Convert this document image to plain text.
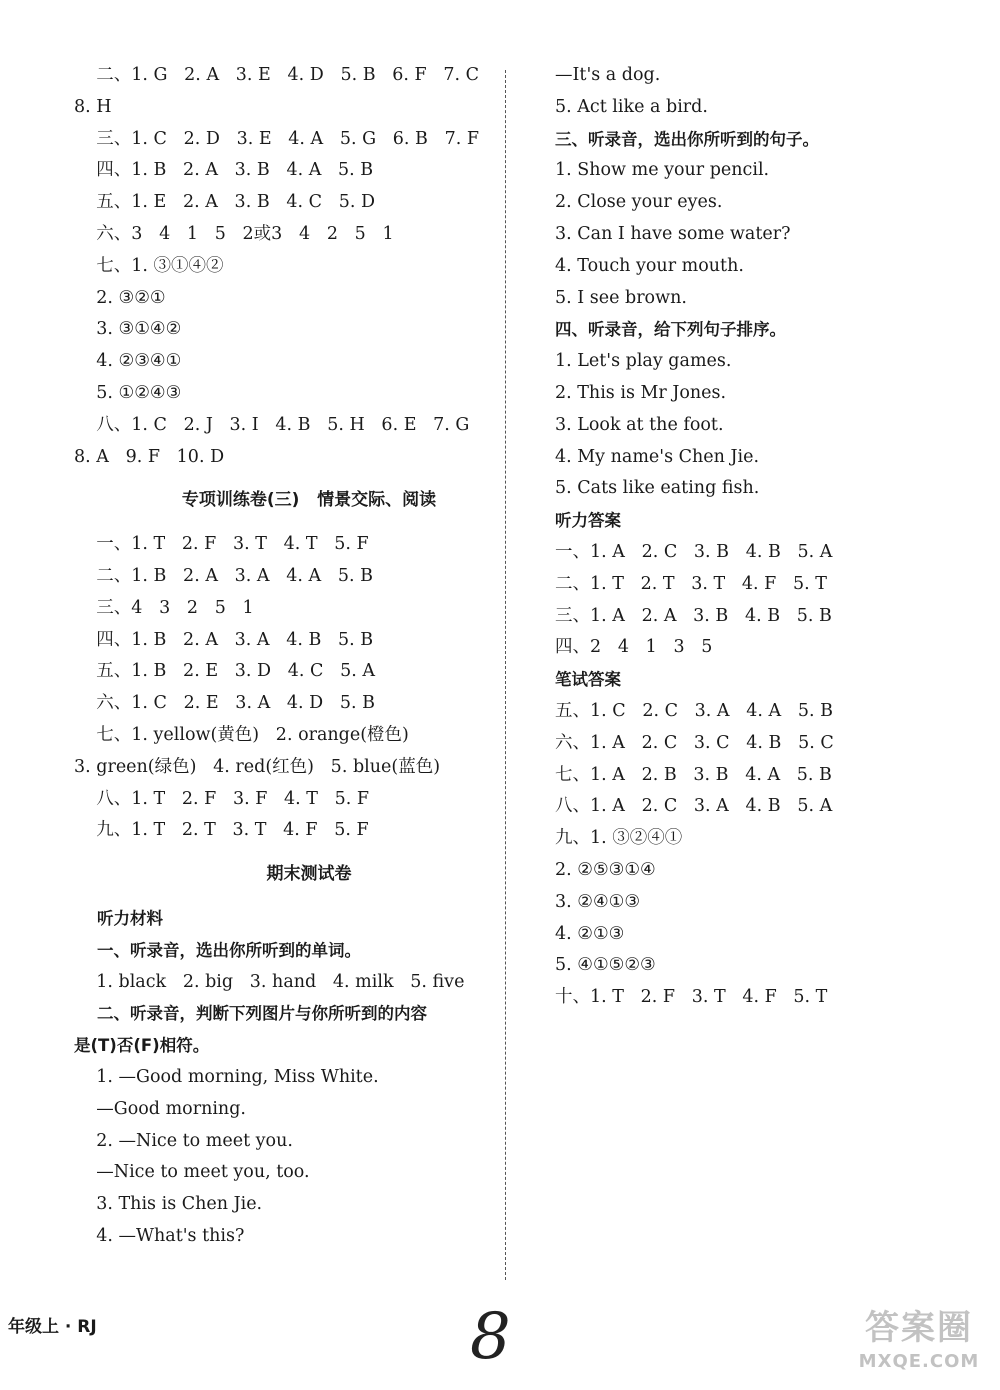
二、1. G   2. A   3. E   4. D   5. B   6. F   7. C
8. H
三、1. C   2. D   3. E   4. A   5. G   6. B   7. F
四、1. B   2. A   3. B   4. A   5. B
五、1. E   2. A   3. B   4. C   5. D
六、3   4   1   5   2或3   4   2   5   1
七、1. ③①④②
2. ③②①
3. ③①④②
4. ②③④①
5. ①②④③
八、1. C   2. J   3. I   4. B   5. H   6. E   7. G
8. A   9. F   10. D
专项训练卷(三)   情景交际、阅读
一、1. T   2. F   3. T   4. T   5. F
二、1. B   2. A   3. A   4. A   5. B
三、4   3   2   5   1
四、1. B   2. A   3. A   4. B   5. B
五、1. B   2. E   3. D   4. C   5. A
六、1. C   2. E   3. A   4. D   5. B
七、1. yellow(黄色)   2. orange(橙色)
3. green(绿色)   4. red(红色)   5. blue(蓝色)
八、1. T   2. F   3. F   4. T   5. F
九、1. T   2. T   3. T   4. F   5. F
期末测试卷
听力材料
一、听录音，选出你所听到的单词。
1. black   2. big   3. hand   4. milk   5. five
二、听录音，判断下列图片与你所听到的内容
是(T)否(F)相符。
1. —Good morning, Miss White.
—Good morning.
2. —Nice to meet you.
—Nice to meet you, too.
3. This is Chen Jie.
4. —What's this?
—It's a dog.
5. Act like a bird.
三、听录音，选出你所听到的句子。
1. Show me your pencil.
2. Close your eyes.
3. Can I have some water?
4. Touch your mouth.
5. I see brown.
四、听录音，给下列句子排序。
1. Let's play games.
2. This is Mr Jones.
3. Look at the foot.
4. My name's Chen Jie.
5. Cats like eating fish.
听力答案
一、1. A   2. C   3. B   4. B   5. A
二、1. T   2. T   3. T   4. F   5. T
三、1. A   2. A   3. B   4. B   5. B
四、2   4   1   3   5
笔试答案
五、1. C   2. C   3. A   4. A   5. B
六、1. A   2. C   3. C   4. B   5. C
七、1. A   2. B   3. B   4. A   5. B
八、1. A   2. C   3. A   4. B   5. A
九、1. ③②④①
2. ②⑤③①④
3. ②④①③
4. ②①③
5. ④①⑤②③
十、1. T   2. F   3. T   4. F   5. T
年级上 · RJ	8	答案圈
MXQE.COM
